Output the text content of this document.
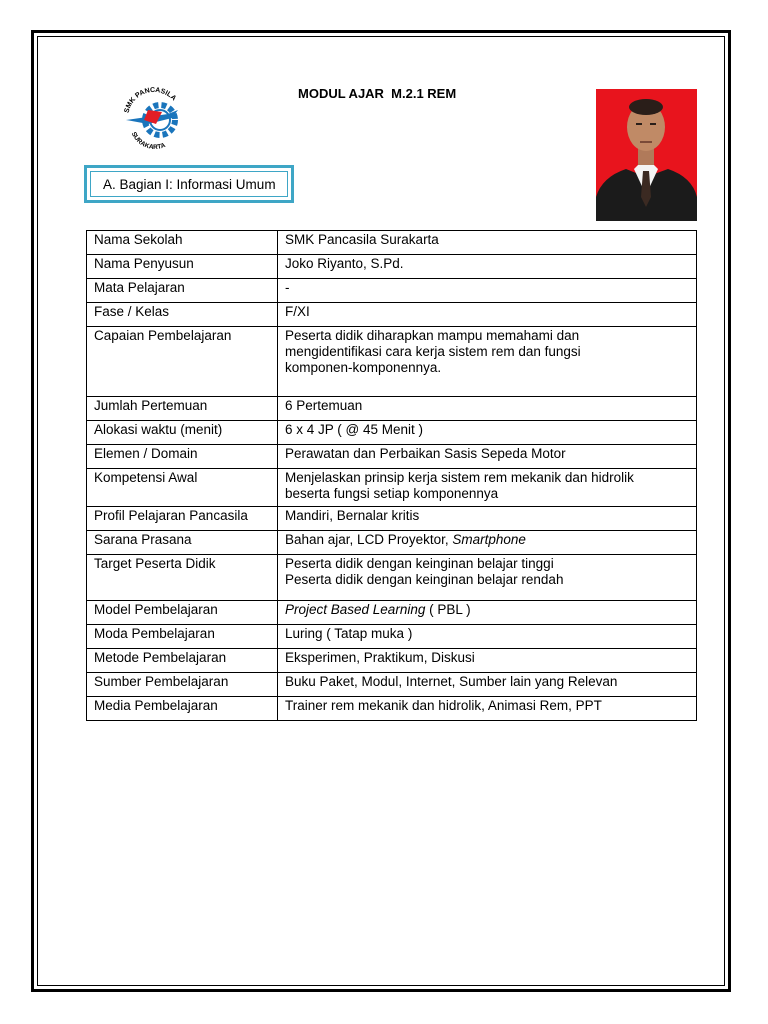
SMK PANCASILA
SURAKARTA
MODUL AJAR  M.2.1 REM
A. Bagian I: Informasi Umum
Nama Sekolah	SMK Pancasila Surakarta
Nama Penyusun	Joko Riyanto, S.Pd.
Mata Pelajaran	-
Fase / Kelas	F/XI
Capaian Pembelajaran	Peserta didik diharapkan mampu memahami dan
mengidentifikasi cara kerja sistem rem dan fungsi
komponen-komponennya.
Jumlah Pertemuan	6 Pertemuan
Alokasi waktu (menit)	6 x 4 JP ( @ 45 Menit )
Elemen / Domain	Perawatan dan Perbaikan Sasis Sepeda Motor
Kompetensi Awal	Menjelaskan prinsip kerja sistem rem mekanik dan hidrolik
beserta fungsi setiap komponennya
Profil Pelajaran Pancasila	Mandiri, Bernalar kritis
Sarana Prasana	Bahan ajar, LCD Proyektor, Smartphone
Target Peserta Didik	Peserta didik dengan keinginan belajar tinggi
Peserta didik dengan keinginan belajar rendah
Model Pembelajaran	Project Based Learning ( PBL )
Moda Pembelajaran	Luring ( Tatap muka )
Metode Pembelajaran	Eksperimen, Praktikum, Diskusi
Sumber Pembelajaran	Buku Paket, Modul, Internet, Sumber lain yang Relevan
Media Pembelajaran	Trainer rem mekanik dan hidrolik, Animasi Rem, PPT
